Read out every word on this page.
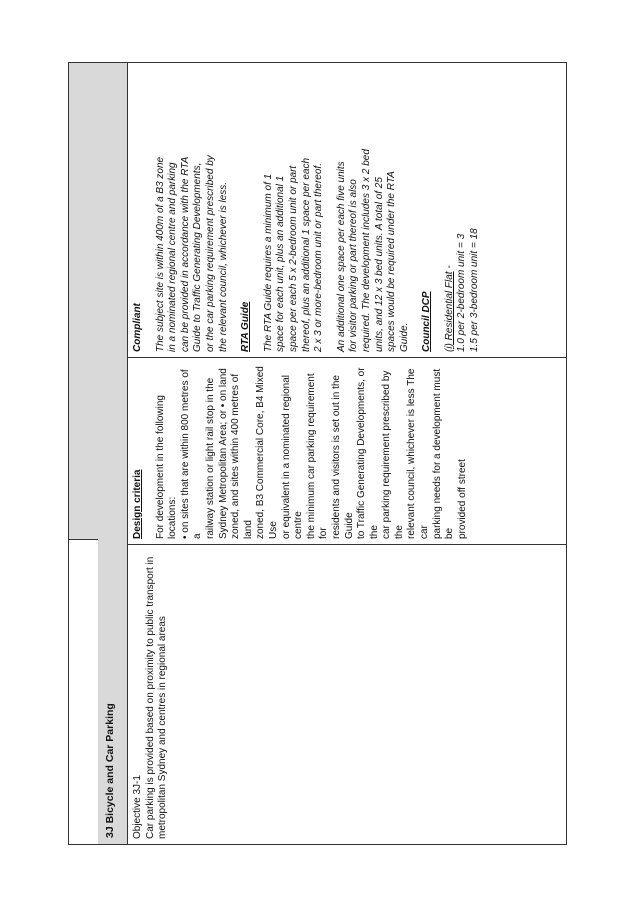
3J Bicycle and Car Parking Objective 3J-1 Car parking is provided based on proximity to public transport in metropolitan Sydney and centres in regional areas
Design criteria For development in the following locations: • on sites that are within 800 metres of a railway station or light rail stop in the Sydney Metropolitan Area; or • on land zoned, and sites within 400 metres of land zoned, B3 Commercial Core, B4 Mixed Use or equivalent in a nominated regional centre the minimum car parking requirement for residents and visitors is set out in the Guide to Traffic Generating Developments, or the car parking requirement prescribed by the relevant council, whichever is less The car parking needs for a development must be provided off street
Compliant The subject site is within 400m of a B3 zone in a nominated regional centre and parking can be provided in accordance with the RTA Guide to Traffic Generating Developments, or the car parking requirement prescribed by the relevant council, whichever is less. RTA Guide The RTA Guide requires a minimum of 1 space for each unit, plus an additional 1 space per each 5 x 2-bedroom unit or part thereof, plus an additional 1 space per each 2 x 3 or more-bedroom unit or part thereof. An additional one space per each five units for visitor parking or part thereof is also required. The development includes 3 x 2 bed units, and 12 x 3 bed units. A total of 25 spaces would be required under the RTA Guide. Council DCP (i) Residential Flat - 1.0 per 2-bedroom unit = 3 1.5 per 3-bedroom unit = 18
